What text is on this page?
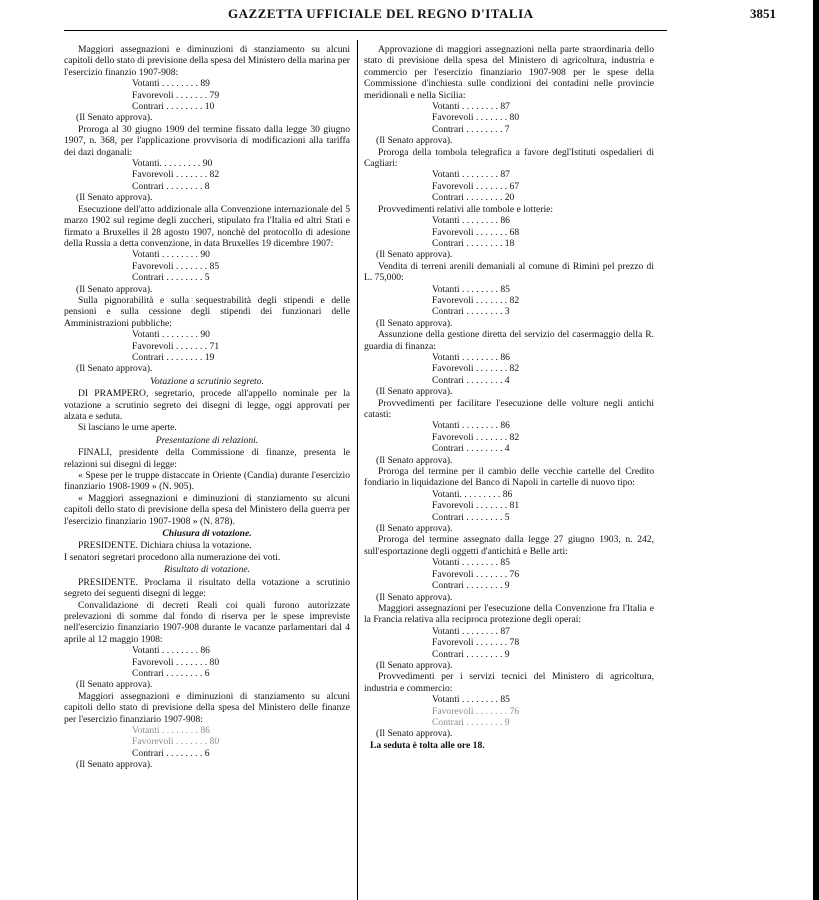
GAZZETTA UFFICIALE DEL REGNO D'ITALIA	3851

Maggiori assegnazioni e diminuzioni di stanziamento su alcuni capitoli dello stato di previsione della spesa del Ministero della marina per l'esercizio finanzio 1907-908:

Votanti . . . . . . . . 89

Favorevoli . . . . . . . 79

Contrari . . . . . . . . 10

(Il Senato approva).

Proroga al 30 giugno 1909 del termine fissato dalla legge 30 giugno 1907, n. 368, per l'applicazione provvisoria di modificazioni alla tariffa dei dazi doganali:

Votanti. . . . . . . . . 90

Favorevoli . . . . . . . 82

Contrari . . . . . . . . 8

(Il Senato approva).

Esecuzione dell'atto addizionale alla Convenzione internazionale del 5 marzo 1902 sul regime degli zuccheri, stipulato fra l'Italia ed altri Stati e firmato a Bruxelles il 28 agosto 1907, nonchè del protocollo di adesione della Russia a detta convenzione, in data Bruxelles 19 dicembre 1907:

Votanti . . . . . . . . 90

Favorevoli . . . . . . . 85

Contrari . . . . . . . . 5

(Il Senato approva).

Sulla pignorabilità e sulla sequestrabilità degli stipendi e delle pensioni e sulla cessione degli stipendi dei funzionari delle Amministrazioni pubbliche:

Votanti . . . . . . . . 90

Favorevoli . . . . . . . 71

Contrari . . . . . . . . 19

(Il Senato approva).

Votazione a scrutinio segreto.

DI PRAMPERO, segretario, procede all'appello nominale per la votazione a scrutinio segreto dei disegni di legge, oggi approvati per alzata e seduta.

Si lasciano le urne aperte.

Presentazione di relazioni.

FINALI, presidente della Commissione di finanze, presenta le relazioni sui disegni di legge:

« Spese per le truppe distaccate in Oriente (Candia) durante l'esercizio finanziario 1908-1909 » (N. 905).

« Maggiori assegnazioni e diminuzioni di stanziamento su alcuni capitoli dello stato di previsione della spesa del Ministero della guerra per l'esercizio finanziario 1907-1908 » (N. 878).

Chiusura di votazione.

PRESIDENTE. Dichiara chiusa la votazione.

I senatori segretari procedono alla numerazione dei voti.

Risultato di votazione.

PRESIDENTE. Proclama il risultato della votazione a scrutinio segreto dei seguenti disegni di legge:

Convalidazione di decreti Reali coi quali furono autorizzate prelevazioni di somme dal fondo di riserva per le spese impreviste nell'esercizio finanziario 1907-908 durante le vacanze parlamentari dal 4 aprile al 12 maggio 1908:

Votanti . . . . . . . . 86

Favorevoli . . . . . . . 80

Contrari . . . . . . . . 6

(Il Senato approva).

Maggiori assegnazioni e diminuzioni di stanziamento su alcuni capitoli dello stato di previsione della spesa del Ministero delle finanze per l'esercizio finanziario 1907-908:

Votanti . . . . . . . . 86

Favorevoli . . . . . . . 80

Contrari . . . . . . . . 6

(Il Senato approva).

Approvazione di maggiori assegnazioni nella parte straordinaria dello stato di previsione della spesa del Ministero di agricoltura, industria e commercio per l'esercizio finanziario 1907-908 per le spese della Commissione d'inchiesta sulle condizioni dei contadini nelle provincie meridionali e nella Sicilia:

Votanti . . . . . . . . 87

Favorevoli . . . . . . . 80

Contrari . . . . . . . . 7

(Il Senato approva).

Proroga della tombola telegrafica a favore degl'Istituti ospedalieri di Cagliari:

Votanti . . . . . . . . 87

Favorevoli . . . . . . . 67

Contrari . . . . . . . . 20

Provvedimenti relativi alle tombole e lotterie:

Votanti . . . . . . . . 86

Favorevoli . . . . . . . 68

Contrari . . . . . . . . 18

(Il Senato approva).

Vendita di terreni arenili demaniali al comune di Rimini pel prezzo di L. 75,000:

Votanti . . . . . . . . 85

Favorevoli . . . . . . . 82

Contrari . . . . . . . . 3

(Il Senato approva).

Assunzione della gestione diretta del servizio del casermaggio della R. guardia di finanza:

Votanti . . . . . . . . 86

Favorevoli . . . . . . . 82

Contrari . . . . . . . . 4

(Il Senato approva).

Provvedimenti per facilitare l'esecuzione delle volture negli antichi catasti:

Votanti . . . . . . . . 86

Favorevoli . . . . . . . 82

Contrari . . . . . . . . 4

(Il Senato approva).

Proroga del termine per il cambio delle vecchie cartelle del Credito fondiario in liquidazione del Banco di Napoli in cartelle di nuovo tipo:

Votanti. . . . . . . . . 86

Favorevoli . . . . . . . 81

Contrari . . . . . . . . 5

(Il Senato approva).

Proroga del termine assegnato dalla legge 27 giugno 1903, n. 242, sull'esportazione degli oggetti d'antichità e Belle arti:

Votanti . . . . . . . . 85

Favorevoli . . . . . . . 76

Contrari . . . . . . . . 9

(Il Senato approva).

Maggiori assegnazioni per l'esecuzione della Convenzione fra l'Italia e la Francia relativa alla reciproca protezione degli operai:

Votanti . . . . . . . . 87

Favorevoli . . . . . . . 78

Contrari . . . . . . . . 9

(Il Senato approva).

Provvedimenti per i servizi tecnici del Ministero di agricoltura, industria e commercio:

Votanti . . . . . . . . 85

Favorevoli . . . . . . . 76

Contrari . . . . . . . . 9

(Il Senato approva).

La seduta è tolta alle ore 18.
